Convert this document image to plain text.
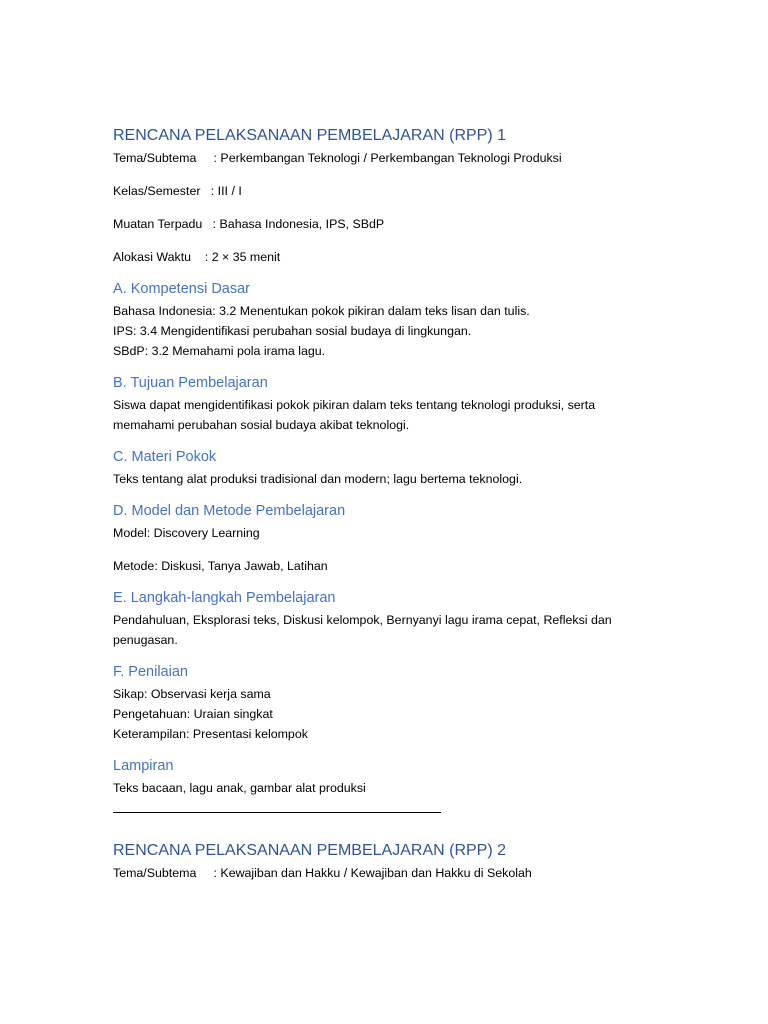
RENCANA PELAKSANAAN PEMBELAJARAN (RPP) 1

Tema/Subtema     : Perkembangan Teknologi / Perkembangan Teknologi Produksi

Kelas/Semester   : III / I

Muatan Terpadu   : Bahasa Indonesia, IPS, SBdP

Alokasi Waktu    : 2 × 35 menit

A. Kompetensi Dasar

Bahasa Indonesia: 3.2 Menentukan pokok pikiran dalam teks lisan dan tulis.

IPS: 3.4 Mengidentifikasi perubahan sosial budaya di lingkungan.

SBdP: 3.2 Memahami pola irama lagu.

B. Tujuan Pembelajaran

Siswa dapat mengidentifikasi pokok pikiran dalam teks tentang teknologi produksi, serta memahami perubahan sosial budaya akibat teknologi.

C. Materi Pokok

Teks tentang alat produksi tradisional dan modern; lagu bertema teknologi.

D. Model dan Metode Pembelajaran

Model: Discovery Learning

Metode: Diskusi, Tanya Jawab, Latihan

E. Langkah-langkah Pembelajaran

Pendahuluan, Eksplorasi teks, Diskusi kelompok, Bernyanyi lagu irama cepat, Refleksi dan penugasan.

F. Penilaian

Sikap: Observasi kerja sama

Pengetahuan: Uraian singkat

Keterampilan: Presentasi kelompok

Lampiran

Teks bacaan, lagu anak, gambar alat produksi

RENCANA PELAKSANAAN PEMBELAJARAN (RPP) 2

Tema/Subtema     : Kewajiban dan Hakku / Kewajiban dan Hakku di Sekolah
